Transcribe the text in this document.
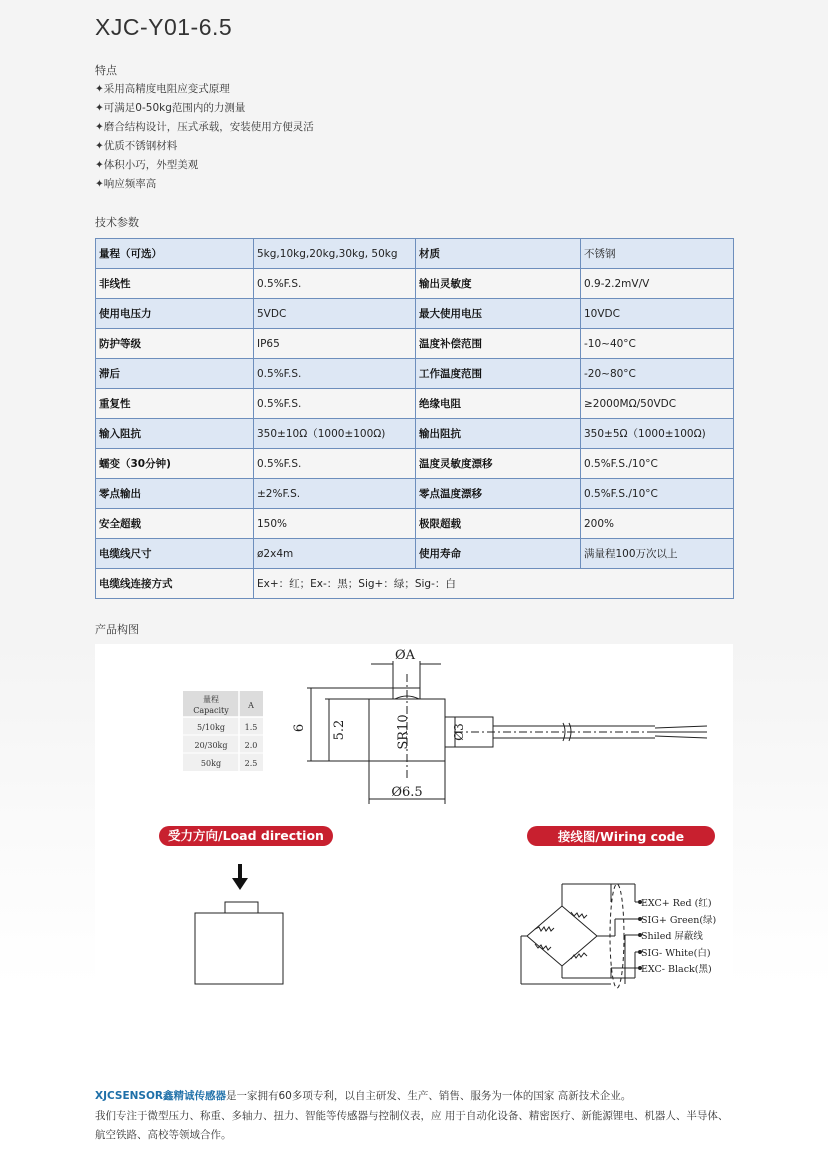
XJC-Y01-6.5
特点
✦采用高精度电阻应变式原理
✦可满足0-50kg范围内的力测量
✦磨合结构设计，压式承载，安装使用方便灵活
✦优质不锈钢材料
✦体积小巧，外型美观
✦响应频率高
技术参数
量程（可选）	5kg,10kg,20kg,30kg, 50kg	材质	不锈钢
非线性	0.5%F.S.	输出灵敏度	0.9-2.2mV/V
使用电压力	5VDC	最大使用电压	10VDC
防护等级	IP65	温度补偿范围	-10~40°C
滞后	0.5%F.S.	工作温度范围	-20~80°C
重复性	0.5%F.S.	绝缘电阻	≥2000MΩ/50VDC
输入阻抗	350±10Ω（1000±100Ω)	输出阻抗	350±5Ω（1000±100Ω)
蠕变（30分钟)	0.5%F.S.	温度灵敏度漂移	0.5%F.S./10°C
零点输出	±2%F.S.	零点温度漂移	0.5%F.S./10°C
安全超载	150%	极限超载	200%
电缆线尺寸	ø2x4m	使用寿命	满量程100万次以上
电缆线连接方式	Ex+：红；Ex-：黑；Sig+：绿；Sig-：白		
产品构图
量程
Capacity
A
5/10kg 1.5
20/30kg 2.0
50kg	2.5
ØA
6 5.2	SR10	Ø3
Ø6.5
受力方向/Load direction	接线图/Wiring code
EXC+ Red (红)
SIG+ Green(绿)
Shiled 屏蔽线
SIG- White(白)
EXC- Black(黑)
XJCSENSOR鑫精诚传感器是一家拥有60多项专利，以自主研发、生产、销售、服务为一体的国家 高新技术企业。
我们专注于微型压力、称重、多轴力、扭力、智能等传感器与控制仪表，应 用于自动化设备、精密医疗、新能源锂电、机器人、半导体、航空铁路、高校等领域合作。
